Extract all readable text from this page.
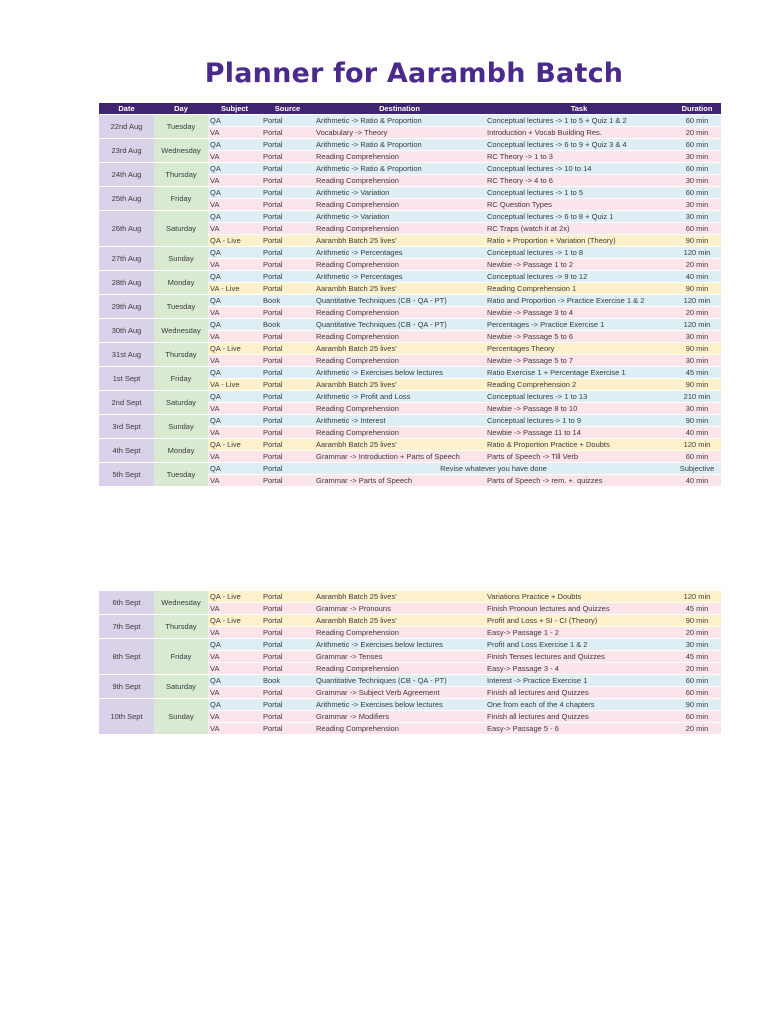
Planner for Aarambh Batch
Date	Day	Subject	Source	Destination	Task	Duration
22nd Aug	Tuesday	QA	Portal	Arithmetic -> Ratio & Proportion	Conceptual lectures -> 1 to 5 + Quiz 1 & 2	60 min
		VA	Portal	Vocabulary -> Theory	Introduction + Vocab Building Res.	20 min
23rd Aug	Wednesday	QA	Portal	Arithmetic -> Ratio & Proportion	Conceptual lectures -> 6 to 9 + Quiz 3 & 4	60 min
		VA	Portal	Reading Comprehension	RC Theory -> 1 to 3	30 min
24th Aug	Thursday	QA	Portal	Arithmetic -> Ratio & Proportion	Conceptual lectures -> 10 to 14	60 min
		VA	Portal	Reading Comprehension	RC Theory -> 4 to 6	30 min
25th Aug	Friday	QA	Portal	Arithmetic -> Variation	Conceptual lectures -> 1 to 5	60 min
		VA	Portal	Reading Comprehension	RC Question Types	30 min
26th Aug	Saturday	QA	Portal	Arithmetic -> Variation	Conceptual lectures -> 6 to 8 + Quiz 1	30 min
		VA	Portal	Reading Comprehension	RC Traps (watch it at 2x)	60 min
		QA - Live	Portal	Aarambh Batch 25 lives'	Ratio + Proportion + Variation (Theory)	90 min
27th Aug	Sunday	QA	Portal	Arithmetic -> Percentages	Conceptual lectures -> 1 to 8	120 min
		VA	Portal	Reading Comprehension	Newbie -> Passage 1 to 2	20 min
28th Aug	Monday	QA	Portal	Arithmetic -> Percentages	Conceptual lectures -> 9 to 12	40 min
		VA - Live	Portal	Aarambh Batch 25 lives'	Reading Comprehension 1	90 min
29th Aug	Tuesday	QA	Book	Quantitative Techniques (CB - QA - PT)	Ratio and Proportion -> Practice Exercise 1 & 2	120 min
		VA	Portal	Reading Comprehension	Newbie -> Passage 3 to 4	20 min
30th Aug	Wednesday	QA	Book	Quantitative Techniques (CB - QA - PT)	Percentages -> Practice Exercise 1	120 min
		VA	Portal	Reading Comprehension	Newbie -> Passage 5 to 6	30 min
31st Aug	Thursday	QA - Live	Portal	Aarambh Batch 25 lives'	Percentages Theory	90 min
		VA	Portal	Reading Comprehension	Newbie -> Passage 5 to 7	30 min
1st Sept	Friday	QA	Portal	Arithmetic -> Exercises below lectures	Ratio Exercise 1 + Percentage Exercise 1	45 min
		VA - Live	Portal	Aarambh Batch 25 lives'	Reading Comprehension 2	90 min
2nd Sept	Saturday	QA	Portal	Arithmetic -> Profit and Loss	Conceptual lectures -> 1 to 13	210 min
		VA	Portal	Reading Comprehension	Newbie -> Passage 8 to 10	30 min
3rd Sept	Sunday	QA	Portal	Arithmetic -> Interest	Conceptual lectures-> 1 to 9	90 min
		VA	Portal	Reading Comprehension	Newbie -> Passage 11 to 14	40 min
4th Sept	Monday	QA - Live	Portal	Aarambh Batch 25 lives'	Ratio & Proportion Practice + Doubts	120 min
		VA	Portal	Grammar -> Introduction + Parts of Speech	Parts of Speech -> Till Verb	60 min
5th Sept	Tuesday	QA	Portal	Revise whatever you have done		Subjective
		VA	Portal	Grammar -> Parts of Speech	Parts of Speech -> rem. +. quizzes	40 min
6th Sept	Wednesday	QA - Live	Portal	Aarambh Batch 25 lives'	Variations Practice + Doubts	120 min
		VA	Portal	Grammar -> Pronouns	Finish Pronoun lectures and Quizzes	45 min
7th Sept	Thursday	QA - Live	Portal	Aarambh Batch 25 lives'	Profit and Loss + SI - CI (Theory)	90 min
		VA	Portal	Reading Comprehension	Easy-> Passage 1 - 2	20 min
8th Sept	Friday	QA	Portal	Arithmetic -> Exercises below lectures	Profit and Loss Exercise 1 & 2	30 min
		VA	Portal	Grammar -> Tenses	Finish Tenses lectures and Quizzes	45 min
		VA	Portal	Reading Comprehension	Easy-> Passage 3 - 4	20 min
9th Sept	Saturday	QA	Book	Quantitative Techniques (CB - QA - PT)	Interest -> Practice Exercise 1	60 min
		VA	Portal	Grammar -> Subject Verb Agreement	Finish all lectures and Quizzes	60 min
10th Sept	Sunday	QA	Portal	Arithmetic -> Exercises below lectures	One from each of the 4 chapters	90 min
		VA	Portal	Grammar -> Modifiers	Finish all lectures and Quizzes	60 min
		VA	Portal	Reading Comprehension	Easy-> Passage 5 - 6	20 min
